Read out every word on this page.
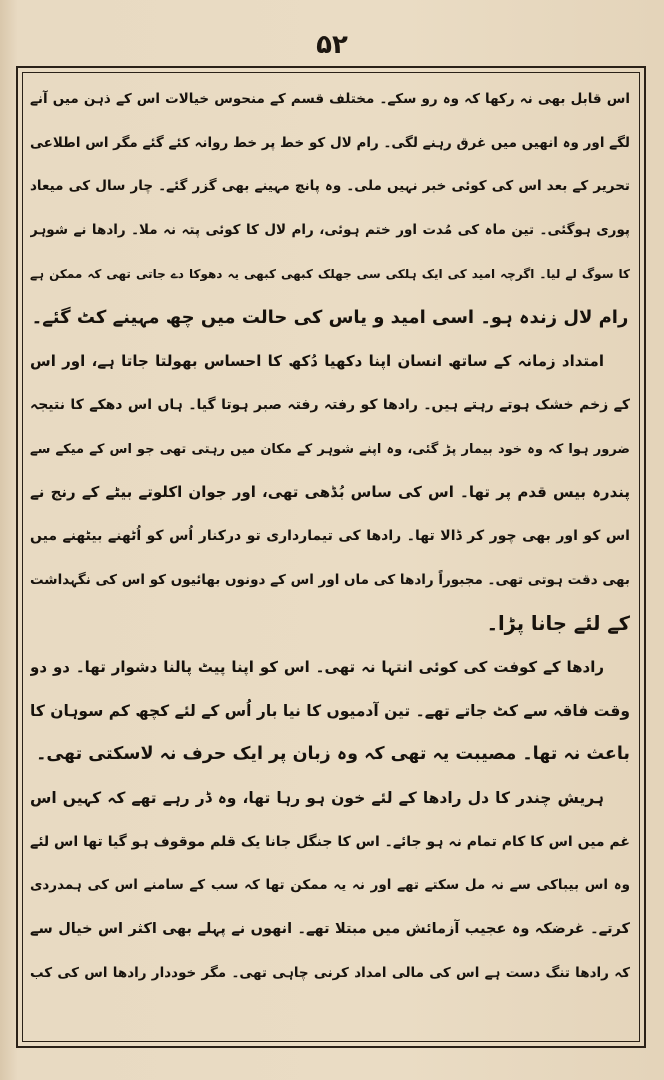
۵۲
اس قابل بھی نہ رکھا کہ وہ رو سکے۔ مختلف قسم کے منحوس خیالات اس کے ذہن میں آنے
لگے اور وہ انھیں میں غرق رہنے لگی۔ رام لال کو خط پر خط روانہ کئے گئے مگر اس اطلاعی
تحریر کے بعد اس کی کوئی خبر نہیں ملی۔ وہ پانچ مہینے بھی گزر گئے۔ چار سال کی میعاد
پوری ہوگئی۔ تین ماہ کی مُدت اور ختم ہوئی، رام لال کا کوئی پتہ نہ ملا۔ رادھا نے شوہر
کا سوگ لے لیا۔ اگرچہ امید کی ایک ہلکی سی جھلک کبھی کبھی یہ دھوکا دے جاتی تھی کہ ممکن ہے
رام لال زندہ ہو۔ اسی امید و یاس کی حالت میں چھ مہینے کٹ گئے۔
امتداد زمانہ کے ساتھ انسان اپنا دکھیا دُکھ کا احساس بھولتا جاتا ہے، اور اس
کے زخم خشک ہوتے رہتے ہیں۔ رادھا کو رفتہ رفتہ صبر ہوتا گیا۔ ہاں اس دھکے کا نتیجہ
ضرور ہوا کہ وہ خود بیمار پڑ گئی، وہ اپنے شوہر کے مکان میں رہتی تھی جو اس کے میکے سے
پندرہ بیس قدم پر تھا۔ اس کی ساس بُڈھی تھی، اور جوان اکلوتے بیٹے کے رنج نے
اس کو اور بھی چور کر ڈالا تھا۔ رادھا کی تیمارداری تو درکنار اُس کو اُٹھنے بیٹھنے میں
بھی دقت ہوتی تھی۔ مجبوراً رادھا کی ماں اور اس کے دونوں بھائیوں کو اس کی نگہداشت
کے لئے جانا پڑا۔
رادھا کے کوفت کی کوئی انتہا نہ تھی۔ اس کو اپنا پیٹ پالنا دشوار تھا۔ دو دو
وقت فاقہ سے کٹ جاتے تھے۔ تین آدمیوں کا نیا بار اُس کے لئے کچھ کم سوہان کا
باعث نہ تھا۔ مصیبت یہ تھی کہ وہ زبان پر ایک حرف نہ لاسکتی تھی۔
ہریش چندر کا دل رادھا کے لئے خون ہو رہا تھا، وہ ڈر رہے تھے کہ کہیں اس
غم میں اس کا کام تمام نہ ہو جائے۔ اس کا جنگل جانا یک قلم موقوف ہو گیا تھا اس لئے
وہ اس بیباکی سے نہ مل سکتے تھے اور نہ یہ ممکن تھا کہ سب کے سامنے اس کی ہمدردی
کرتے۔ غرضکہ وہ عجیب آزمائش میں مبتلا تھے۔ انھوں نے پہلے بھی اکثر اس خیال سے
کہ رادھا تنگ دست ہے اس کی مالی امداد کرنی چاہی تھی۔ مگر خوددار رادھا اس کی کب
